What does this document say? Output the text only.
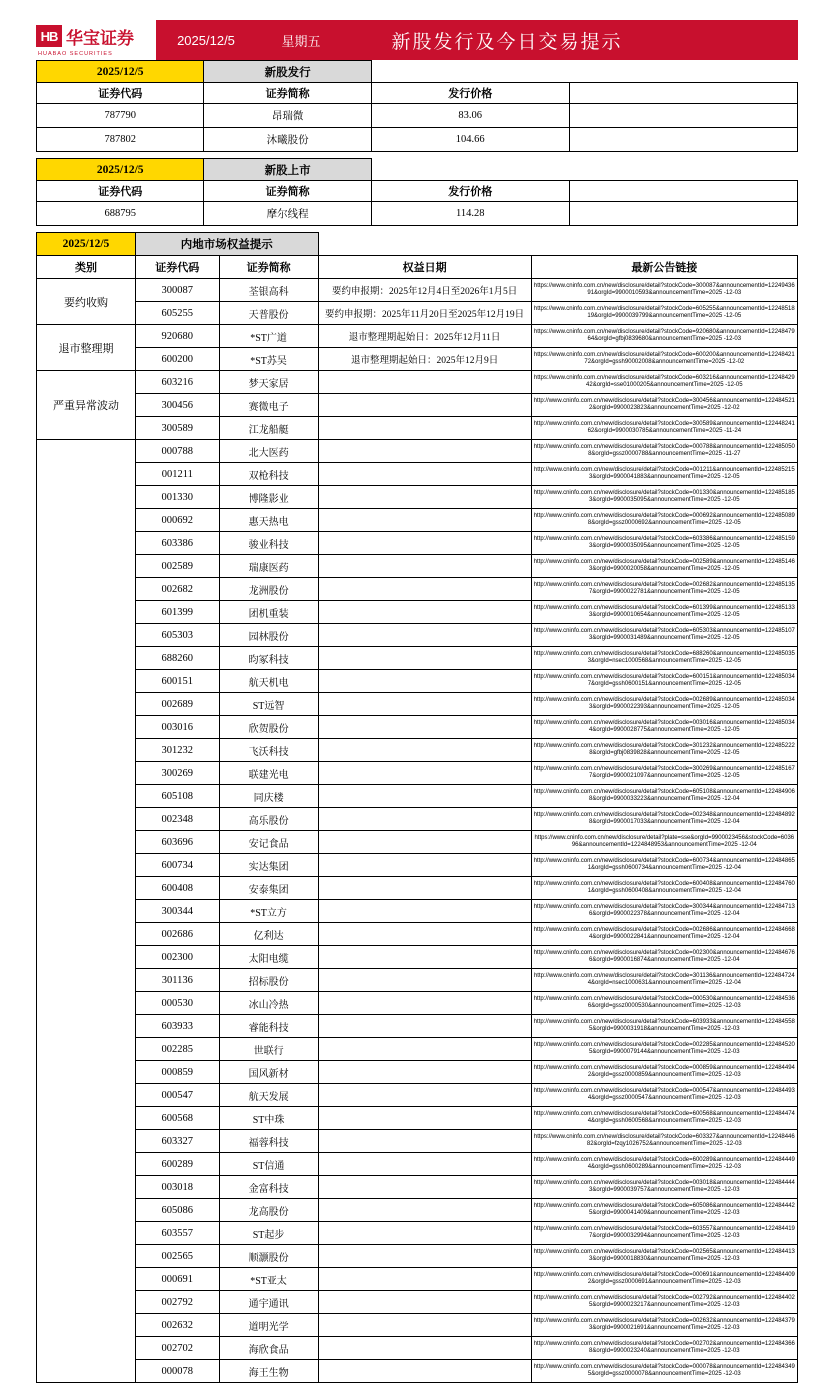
HB 华宝证券
HUABAO SECURITIES
2025/12/5	星期五	新股发行及今日交易提示
2025/12/5	新股发行		
证券代码	证券简称	发行价格	
787790	昂瑞微	83.06	
787802	沐曦股份	104.66	
2025/12/5	新股上市		
证券代码	证券简称	发行价格	
688795	摩尔线程	114.28	
2025/12/5	内地市场权益提示			
类别	证券代码	证券简称	权益日期	最新公告链接
要约收购	300087	荃银高科	要约申报期：2025年12月4日至2026年1月5日	https://www.cninfo.com.cn/new/disclosure/detail?stockCode=300087&announcementId=1224943691&orgId=9900010593&announcementTime=2025 -12-03
	605255	天普股份	要约申报期：2025年11月20日至2025年12月19日	https://www.cninfo.com.cn/new/disclosure/detail?stockCode=605255&announcementId=1224851819&orgId=9900039799&announcementTime=2025 -12-05
退市整理期	920680	*ST广道	退市整理期起始日：2025年12月11日	https://www.cninfo.com.cn/new/disclosure/detail?stockCode=920680&announcementId=1224847964&orgId=gfbj0839680&announcementTime=2025 -12-03
	600200	*ST苏吴	退市整理期起始日：2025年12月9日	https://www.cninfo.com.cn/new/disclosure/detail?stockCode=600200&announcementId=1224842172&orgId=gssh90002008&announcementTime=2025 -12-02
严重异常波动	603216	梦天家居		https://www.cninfo.com.cn/new/disclosure/detail?stockCode=603216&announcementId=1224842942&orgId=sse01000205&announcementTime=2025 -12-05
	300456	赛微电子		http://www.cninfo.com.cn/new/disclosure/detail?stockCode=300456&announcementId=1224845212&orgId=9900023823&announcementTime=2025 -12-02
	300589	江龙船艇		http://www.cninfo.com.cn/new/disclosure/detail?stockCode=300589&announcementId=12244824162&orgId=9900030785&announcementTime=2025 -11-24
	000788	北大医药		http://www.cninfo.com.cn/new/disclosure/detail?stockCode=000788&announcementId=1224850508&orgId=gssz0000788&announcementTime=2025 -11-27
	001211	双枪科技		http://www.cninfo.com.cn/new/disclosure/detail?stockCode=001211&announcementId=1224852153&orgId=9900041883&announcementTime=2025 -12-05
	001330	博隆影业		http://www.cninfo.com.cn/new/disclosure/detail?stockCode=001330&announcementId=1224851853&orgId=9900035095&announcementTime=2025 -12-05
	000692	惠天热电		http://www.cninfo.com.cn/new/disclosure/detail?stockCode=000692&announcementId=1224850898&orgId=gssz0000692&announcementTime=2025 -12-05
	603386	骏业科技		http://www.cninfo.com.cn/new/disclosure/detail?stockCode=603386&announcementId=1224851593&orgId=9900035095&announcementTime=2025 -12-05
	002589	瑞康医药		http://www.cninfo.com.cn/new/disclosure/detail?stockCode=002589&announcementId=1224851463&orgId=9900020058&announcementTime=2025 -12-05
	002682	龙洲股份		http://www.cninfo.com.cn/new/disclosure/detail?stockCode=002682&announcementId=1224851357&orgId=9900022781&announcementTime=2025 -12-05
	601399	团机重装		http://www.cninfo.com.cn/new/disclosure/detail?stockCode=601399&announcementId=1224851333&orgId=9900010654&announcementTime=2025 -12-05
	605303	园林股份		http://www.cninfo.com.cn/new/disclosure/detail?stockCode=605303&announcementId=1224851073&orgId=9900031489&announcementTime=2025 -12-05
	688260	昀冢科技		http://www.cninfo.com.cn/new/disclosure/detail?stockCode=688260&announcementId=1224850353&orgId=nsec1000568&announcementTime=2025 -12-05
	600151	航天机电		http://www.cninfo.com.cn/new/disclosure/detail?stockCode=600151&announcementId=1224850347&orgId=gssh0600151&announcementTime=2025 -12-05
	002689	ST远智		http://www.cninfo.com.cn/new/disclosure/detail?stockCode=002689&announcementId=1224850343&orgId=9900022393&announcementTime=2025 -12-05
	003016	欣贺股份		http://www.cninfo.com.cn/new/disclosure/detail?stockCode=003016&announcementId=1224850344&orgId=9900028775&announcementTime=2025 -12-05
	301232	飞沃科技		http://www.cninfo.com.cn/new/disclosure/detail?stockCode=301232&announcementId=1224852228&orgId=gfbj0839828&announcementTime=2025 -12-05
	300269	联建光电		http://www.cninfo.com.cn/new/disclosure/detail?stockCode=300269&announcementId=1224851677&orgId=9900021097&announcementTime=2025 -12-05
	605108	同庆楼		http://www.cninfo.com.cn/new/disclosure/detail?stockCode=605108&announcementId=1224849068&orgId=9900033223&announcementTime=2025 -12-04
	002348	高乐股份		http://www.cninfo.com.cn/new/disclosure/detail?stockCode=002348&announcementId=1224848928&orgId=9900017033&announcementTime=2025 -12-04
	603696	安记食品		https://www.cninfo.com.cn/new/disclosure/detail?plate=sse&orgId=9900023456&stockCode=603696&announcementId=1224848953&announcementTime=2025 -12-04
	600734	实达集团		http://www.cninfo.com.cn/new/disclosure/detail?stockCode=600734&announcementId=1224848651&orgId=gssh0600734&announcementTime=2025 -12-04
	600408	安泰集团		http://www.cninfo.com.cn/new/disclosure/detail?stockCode=600408&announcementId=1224847601&orgId=gssh0600408&announcementTime=2025 -12-04
	300344	*ST立方		http://www.cninfo.com.cn/new/disclosure/detail?stockCode=300344&announcementId=1224847136&orgId=9900022378&announcementTime=2025 -12-04
	002686	亿利达		http://www.cninfo.com.cn/new/disclosure/detail?stockCode=002686&announcementId=1224846684&orgId=9900022841&announcementTime=2025 -12-04
	002300	太阳电缆		http://www.cninfo.com.cn/new/disclosure/detail?stockCode=002300&announcementId=1224846766&orgId=9900016874&announcementTime=2025 -12-04
	301136	招标股份		http://www.cninfo.com.cn/new/disclosure/detail?stockCode=301136&announcementId=1224847244&orgId=nsec1000631&announcementTime=2025 -12-04
	000530	冰山冷热		http://www.cninfo.com.cn/new/disclosure/detail?stockCode=000530&announcementId=1224845366&orgId=gssz0000530&announcementTime=2025 -12-03
	603933	睿能科技		http://www.cninfo.com.cn/new/disclosure/detail?stockCode=603933&announcementId=1224845585&orgId=9900031918&announcementTime=2025 -12-03
	002285	世联行		http://www.cninfo.com.cn/new/disclosure/detail?stockCode=002285&announcementId=1224845205&orgId=9900079144&announcementTime=2025 -12-03
	000859	国风新材		http://www.cninfo.com.cn/new/disclosure/detail?stockCode=000859&announcementId=1224844942&orgId=gssz0000859&announcementTime=2025 -12-03
	000547	航天发展		http://www.cninfo.com.cn/new/disclosure/detail?stockCode=000547&announcementId=1224844934&orgId=gssz0000547&announcementTime=2025 -12-03
	600568	ST中珠		http://www.cninfo.com.cn/new/disclosure/detail?stockCode=600568&announcementId=1224844744&orgId=gssh0600568&announcementTime=2025 -12-03
	603327	福蓉科技		https://www.cninfo.com.cn/new/disclosure/detail?stockCode=603327&announcementId=1224844682&orgId=fzqy1026752&announcementTime=2025 -12-03
	600289	ST信通		http://www.cninfo.com.cn/new/disclosure/detail?stockCode=600289&announcementId=1224844494&orgId=gssh0600289&announcementTime=2025 -12-03
	003018	金富科技		http://www.cninfo.com.cn/new/disclosure/detail?stockCode=003018&announcementId=1224844443&orgId=9900039757&announcementTime=2025 -12-03
	605086	龙高股份		http://www.cninfo.com.cn/new/disclosure/detail?stockCode=605086&announcementId=1224844425&orgId=9900041409&announcementTime=2025 -12-03
	603557	ST起步		http://www.cninfo.com.cn/new/disclosure/detail?stockCode=603557&announcementId=1224844197&orgId=9900032994&announcementTime=2025 -12-03
	002565	顺灏股份		http://www.cninfo.com.cn/new/disclosure/detail?stockCode=002565&announcementId=1224844133&orgId=9900018830&announcementTime=2025 -12-03
	000691	*ST亚太		http://www.cninfo.com.cn/new/disclosure/detail?stockCode=000691&announcementId=1224844092&orgId=gssz0000691&announcementTime=2025 -12-03
	002792	通宇通讯		http://www.cninfo.com.cn/new/disclosure/detail?stockCode=002792&announcementId=1224844025&orgId=9900023217&announcementTime=2025 -12-03
	002632	道明光学		http://www.cninfo.com.cn/new/disclosure/detail?stockCode=002632&announcementId=1224843793&orgId=9900021691&announcementTime=2025 -12-03
	002702	海欣食品		http://www.cninfo.com.cn/new/disclosure/detail?stockCode=002702&announcementId=1224843668&orgId=9900023240&announcementTime=2025 -12-03
	000078	海王生物		http://www.cninfo.com.cn/new/disclosure/detail?stockCode=000078&announcementId=1224843495&orgId=gssz0000078&announcementTime=2025 -12-03
